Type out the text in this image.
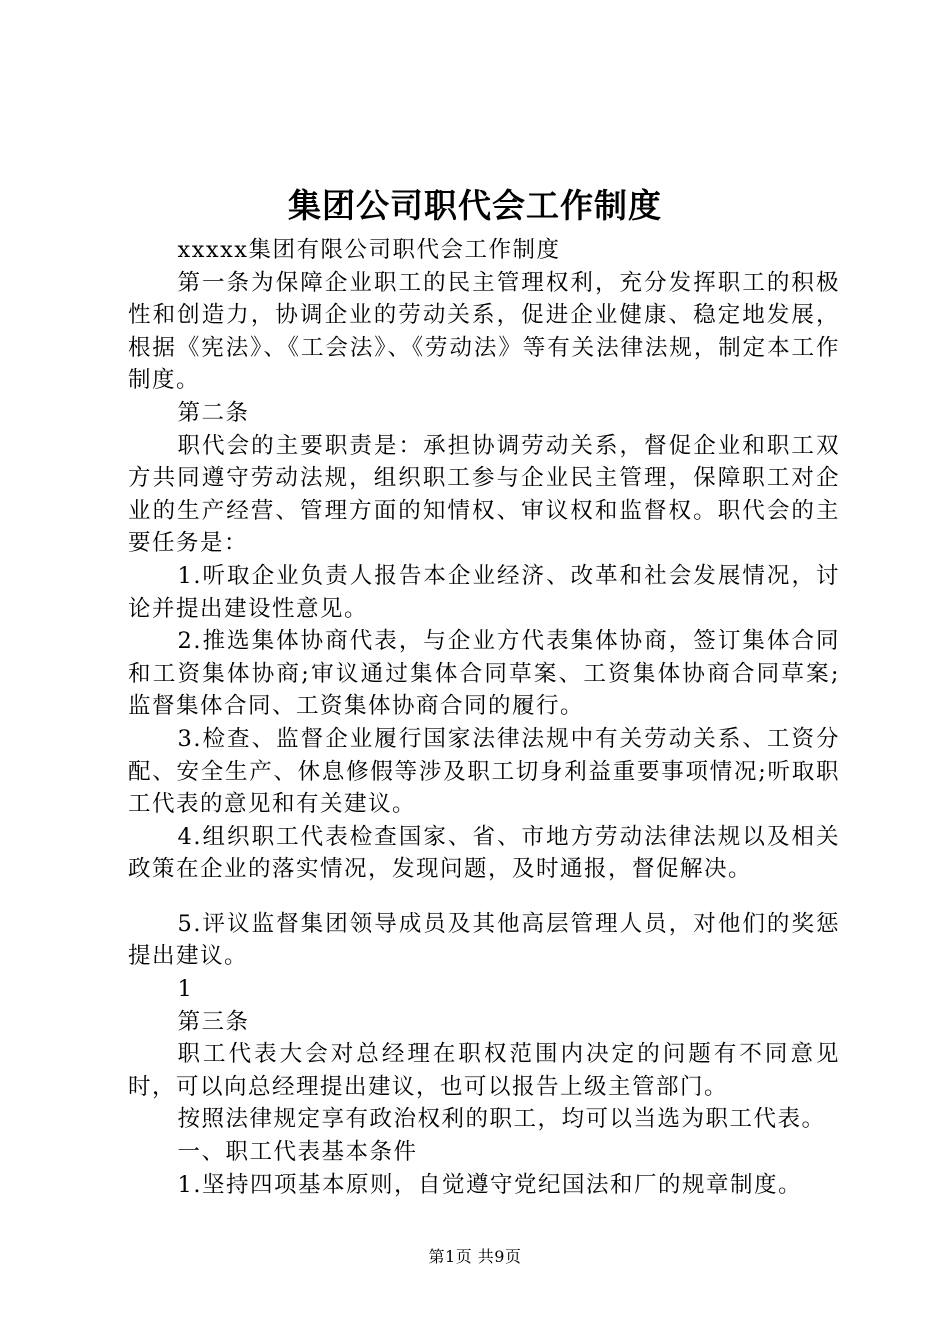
集团公司职代会工作制度

xxxxx集团有限公司职代会工作制度

第一条为保障企业职工的民主管理权利，充分发挥职工的积极性和创造力，协调企业的劳动关系，促进企业健康、稳定地发展，根据《宪法》、《工会法》、《劳动法》等有关法律法规，制定本工作制度。

第二条

职代会的主要职责是：承担协调劳动关系，督促企业和职工双方共同遵守劳动法规，组织职工参与企业民主管理，保障职工对企业的生产经营、管理方面的知情权、审议权和监督权。职代会的主要任务是：

1.听取企业负责人报告本企业经济、改革和社会发展情况，讨论并提出建设性意见。

2.推选集体协商代表，与企业方代表集体协商，签订集体合同和工资集体协商;审议通过集体合同草案、工资集体协商合同草案;监督集体合同、工资集体协商合同的履行。

3.检查、监督企业履行国家法律法规中有关劳动关系、工资分配、安全生产、休息修假等涉及职工切身利益重要事项情况;听取职工代表的意见和有关建议。

4.组织职工代表检查国家、省、市地方劳动法律法规以及相关政策在企业的落实情况，发现问题，及时通报，督促解决。

5.评议监督集团领导成员及其他高层管理人员，对他们的奖惩提出建议。

1

第三条

职工代表大会对总经理在职权范围内决定的问题有不同意见时，可以向总经理提出建议，也可以报告上级主管部门。

按照法律规定享有政治权利的职工，均可以当选为职工代表。

一、职工代表基本条件

1.坚持四项基本原则，自觉遵守党纪国法和厂的规章制度。

第1页 共9页
